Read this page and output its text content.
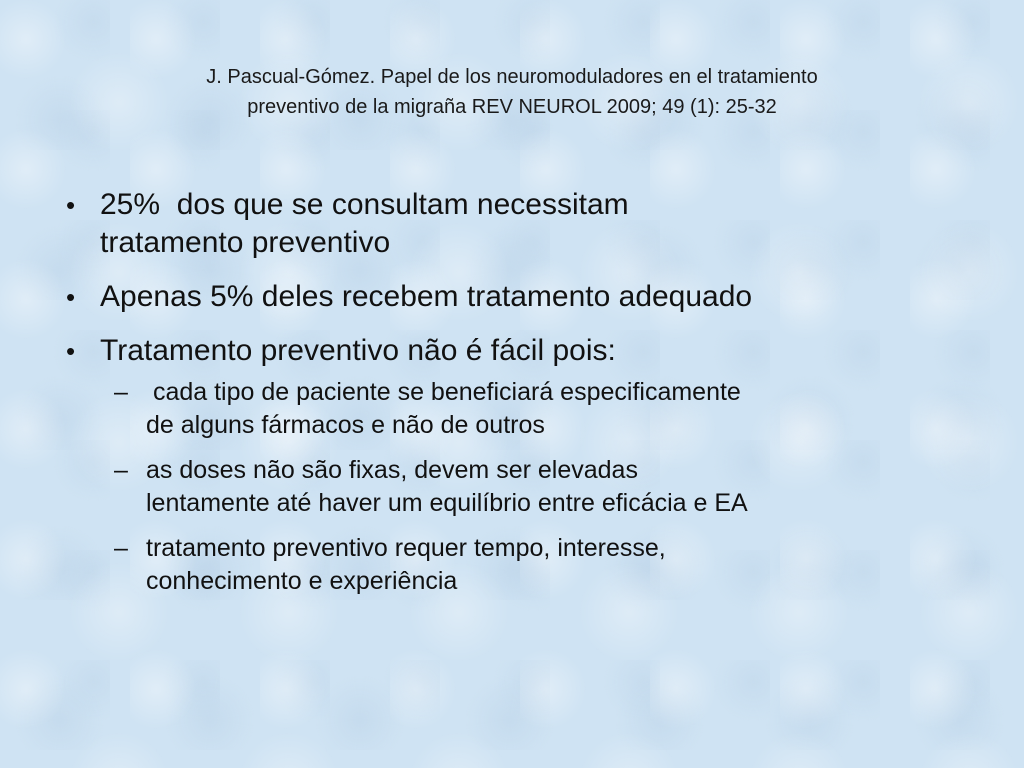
J. Pascual-Gómez. Papel de los neuromoduladores en el tratamiento
preventivo de la migraña REV NEUROL 2009; 49 (1): 25-32
• 25%  dos que se consultam necessitam
tratamento preventivo
• Apenas 5% deles recebem tratamento adequado
• Tratamento preventivo não é fácil pois:
– cada tipo de paciente se beneficiará especificamente
de alguns fármacos e não de outros
– as doses não são fixas, devem ser elevadas
lentamente até haver um equilíbrio entre eficácia e EA
– tratamento preventivo requer tempo, interesse,
conhecimento e experiência
